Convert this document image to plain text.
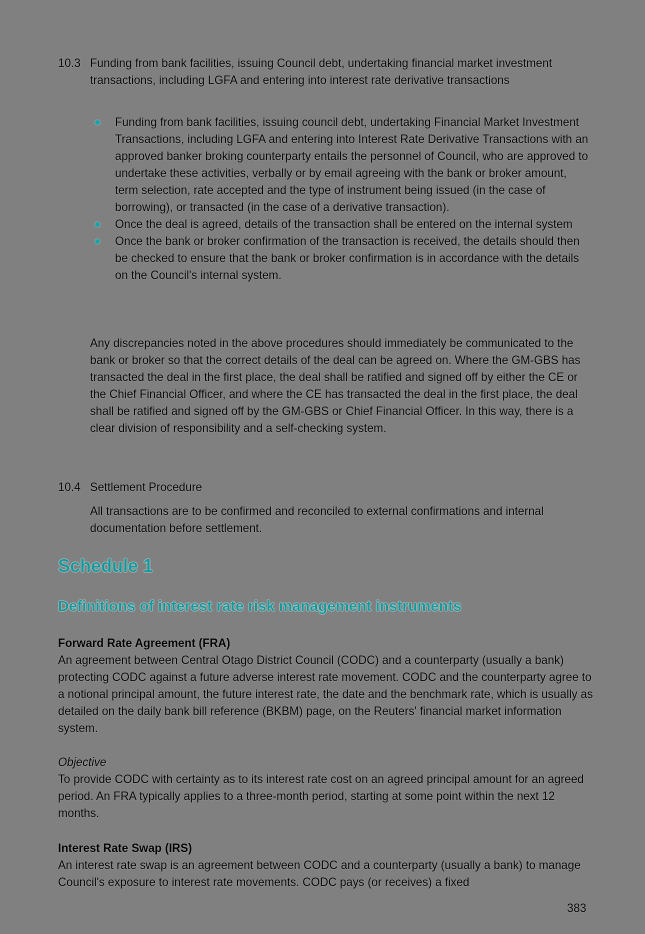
10.3 Funding from bank facilities, issuing Council debt, undertaking financial market investment transactions, including LGFA and entering into interest rate derivative transactions
Funding from bank facilities, issuing council debt, undertaking Financial Market Investment Transactions, including LGFA and entering into Interest Rate Derivative Transactions with an approved banker broking counterparty entails the personnel of Council, who are approved to undertake these activities, verbally or by email agreeing with the bank or broker amount, term selection, rate accepted and the type of instrument being issued (in the case of borrowing), or transacted (in the case of a derivative transaction).
Once the deal is agreed, details of the transaction shall be entered on the internal system
Once the bank or broker confirmation of the transaction is received, the details should then be checked to ensure that the bank or broker confirmation is in accordance with the details on the Council's internal system.
Any discrepancies noted in the above procedures should immediately be communicated to the bank or broker so that the correct details of the deal can be agreed on. Where the GM-GBS has transacted the deal in the first place, the deal shall be ratified and signed off by either the CE or the Chief Financial Officer, and where the CE has transacted the deal in the first place, the deal shall be ratified and signed off by the GM-GBS or Chief Financial Officer. In this way, there is a clear division of responsibility and a self-checking system.
10.4 Settlement Procedure
All transactions are to be confirmed and reconciled to external confirmations and internal documentation before settlement.
Schedule 1
Definitions of interest rate risk management instruments
Forward Rate Agreement (FRA)
An agreement between Central Otago District Council (CODC) and a counterparty (usually a bank) protecting CODC against a future adverse interest rate movement. CODC and the counterparty agree to a notional principal amount, the future interest rate, the date and the benchmark rate, which is usually as detailed on the daily bank bill reference (BKBM) page, on the Reuters' financial market information system.
Objective
To provide CODC with certainty as to its interest rate cost on an agreed principal amount for an agreed period. An FRA typically applies to a three-month period, starting at some point within the next 12 months.
Interest Rate Swap (IRS)
An interest rate swap is an agreement between CODC and a counterparty (usually a bank) to manage Council's exposure to interest rate movements. CODC pays (or receives) a fixed
383
